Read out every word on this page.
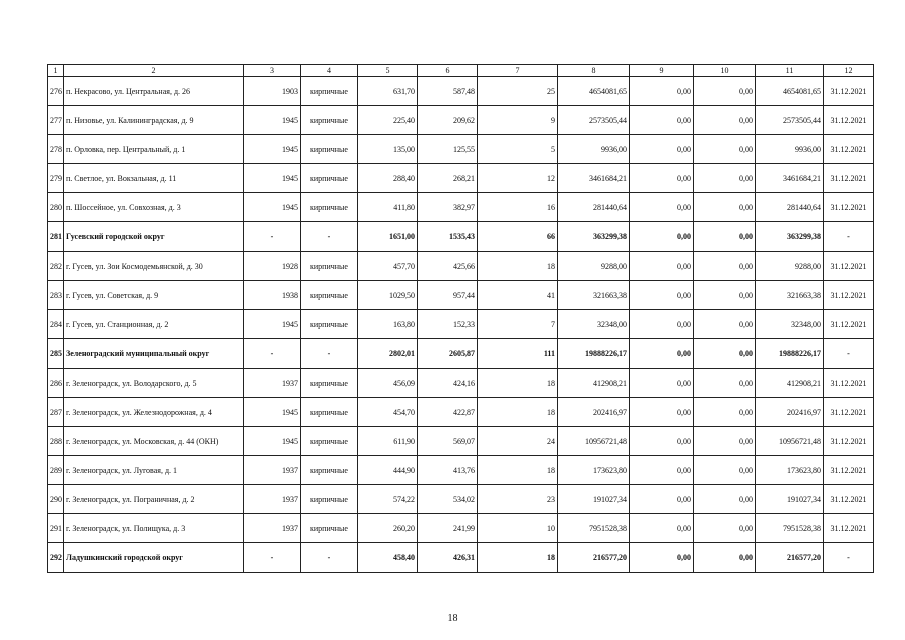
1	2	3	4	5	6	7	8	9	10	11	12
276	п. Некрасово, ул. Центральная, д. 26	1903	кирпичные	631,70	587,48	25	4654081,65	0,00	0,00	4654081,65	31.12.2021
277	п. Низовье, ул. Калининградская, д. 9	1945	кирпичные	225,40	209,62	9	2573505,44	0,00	0,00	2573505,44	31.12.2021
278	п. Орловка, пер. Центральный, д. 1	1945	кирпичные	135,00	125,55	5	9936,00	0,00	0,00	9936,00	31.12.2021
279	п. Светлое, ул. Вокзальная, д. 11	1945	кирпичные	288,40	268,21	12	3461684,21	0,00	0,00	3461684,21	31.12.2021
280	п. Шоссейное, ул. Совхозная, д. 3	1945	кирпичные	411,80	382,97	16	281440,64	0,00	0,00	281440,64	31.12.2021
281	Гусевский городской округ	-	-	1651,00	1535,43	66	363299,38	0,00	0,00	363299,38	-
282	г. Гусев, ул. Зои Космодемьянской, д. 30	1928	кирпичные	457,70	425,66	18	9288,00	0,00	0,00	9288,00	31.12.2021
283	г. Гусев, ул. Советская, д. 9	1938	кирпичные	1029,50	957,44	41	321663,38	0,00	0,00	321663,38	31.12.2021
284	г. Гусев, ул. Станционная, д. 2	1945	кирпичные	163,80	152,33	7	32348,00	0,00	0,00	32348,00	31.12.2021
285	Зеленоградский муниципальный округ	-	-	2802,01	2605,87	111	19888226,17	0,00	0,00	19888226,17	-
286	г. Зеленоградск, ул. Володарского, д. 5	1937	кирпичные	456,09	424,16	18	412908,21	0,00	0,00	412908,21	31.12.2021
287	г. Зеленоградск, ул. Железнодорожная, д. 4	1945	кирпичные	454,70	422,87	18	202416,97	0,00	0,00	202416,97	31.12.2021
288	г. Зеленоградск, ул. Московская, д. 44 (ОКН)	1945	кирпичные	611,90	569,07	24	10956721,48	0,00	0,00	10956721,48	31.12.2021
289	г. Зеленоградск, ул. Луговая, д. 1	1937	кирпичные	444,90	413,76	18	173623,80	0,00	0,00	173623,80	31.12.2021
290	г. Зеленоградск, ул. Пограничная, д. 2	1937	кирпичные	574,22	534,02	23	191027,34	0,00	0,00	191027,34	31.12.2021
291	г. Зеленоградск, ул. Полищука, д. 3	1937	кирпичные	260,20	241,99	10	7951528,38	0,00	0,00	7951528,38	31.12.2021
292	Ладушкинский городской округ	-	-	458,40	426,31	18	216577,20	0,00	0,00	216577,20	-
18
